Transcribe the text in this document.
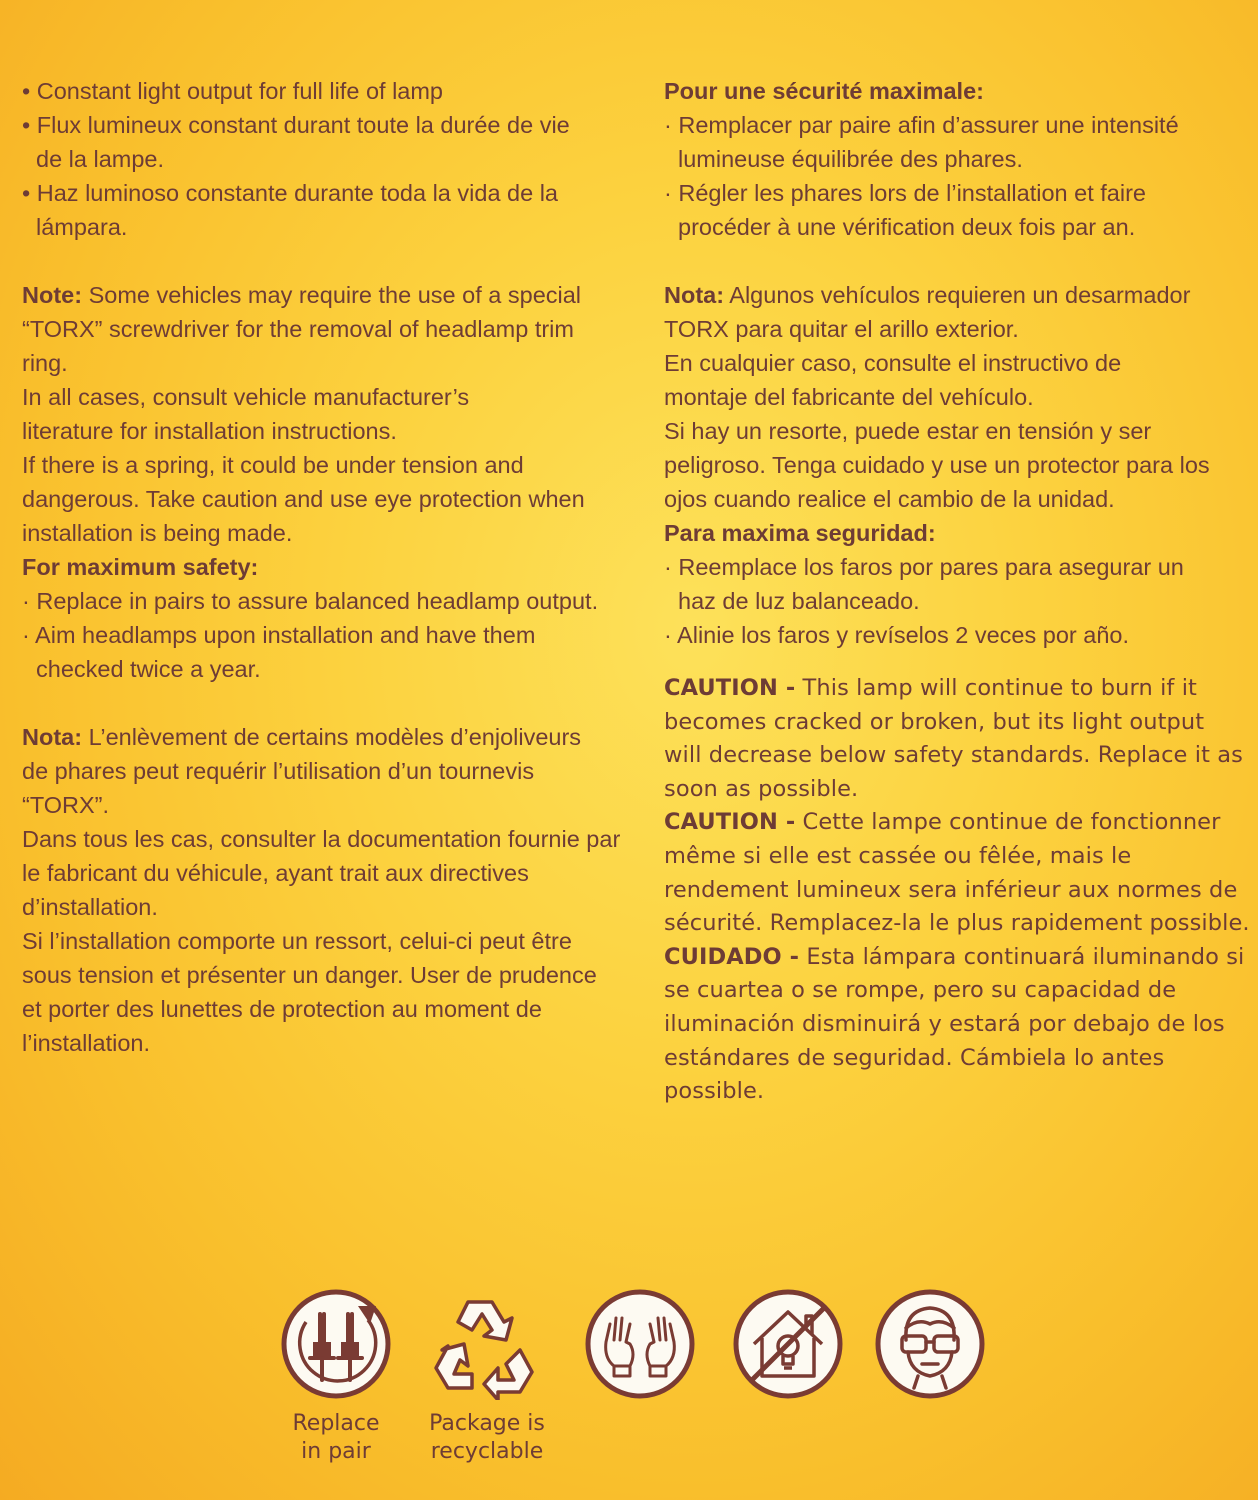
• Constant light output for full life of lamp

• Flux lumineux constant durant toute la durée de vie de la lampe.

• Haz luminoso constante durante toda la vida de la lámpara.

Note: Some vehicles may require the use of a special “TORX” screwdriver for the removal of headlamp trim ring.

In all cases, consult vehicle manufacturer’s literature for installation instructions.

If there is a spring, it could be under tension and dangerous. Take caution and use eye protection when installation is being made.

For maximum safety:

· Replace in pairs to assure balanced headlamp output.

· Aim headlamps upon installation and have them checked twice a year.

Nota: L’enlèvement de certains modèles d’enjoliveurs de phares peut requérir l’utilisation d’un tournevis “TORX”.

Dans tous les cas, consulter la documentation fournie par le fabricant du véhicule, ayant trait aux directives d’installation.

Si l’installation comporte un ressort, celui-ci peut être sous tension et présenter un danger. User de prudence et porter des lunettes de protection au moment de l’installation.

Pour une sécurité maximale:

· Remplacer par paire afin d’assurer une intensité lumineuse équilibrée des phares.

· Régler les phares lors de l’installation et faire procéder à une vérification deux fois par an.

Nota: Algunos vehículos requieren un desarmador TORX para quitar el arillo exterior.

En cualquier caso, consulte el instructivo de montaje del fabricante del vehículo.

Si hay un resorte, puede estar en tensión y ser peligroso. Tenga cuidado y use un protector para los ojos cuando realice el cambio de la unidad.

Para maxima seguridad:

· Reemplace los faros por pares para asegurar un haz de luz balanceado.

· Alinie los faros y revíselos 2 veces por año.

CAUTION - This lamp will continue to burn if it becomes cracked or broken, but its light output will decrease below safety standards. Replace it as soon as possible.

CAUTION - Cette lampe continue de fonctionner même si elle est cassée ou fêlée, mais le rendement lumineux sera inférieur aux normes de sécurité. Remplacez-la le plus rapidement possible.

CUIDADO - Esta lámpara continuará iluminando si se cuartea o se rompe, pero su capacidad de iluminación disminuirá y estará por debajo de los estándares de seguridad. Cámbiela lo antes possible.

Replace
in pair
Package is
recyclable
